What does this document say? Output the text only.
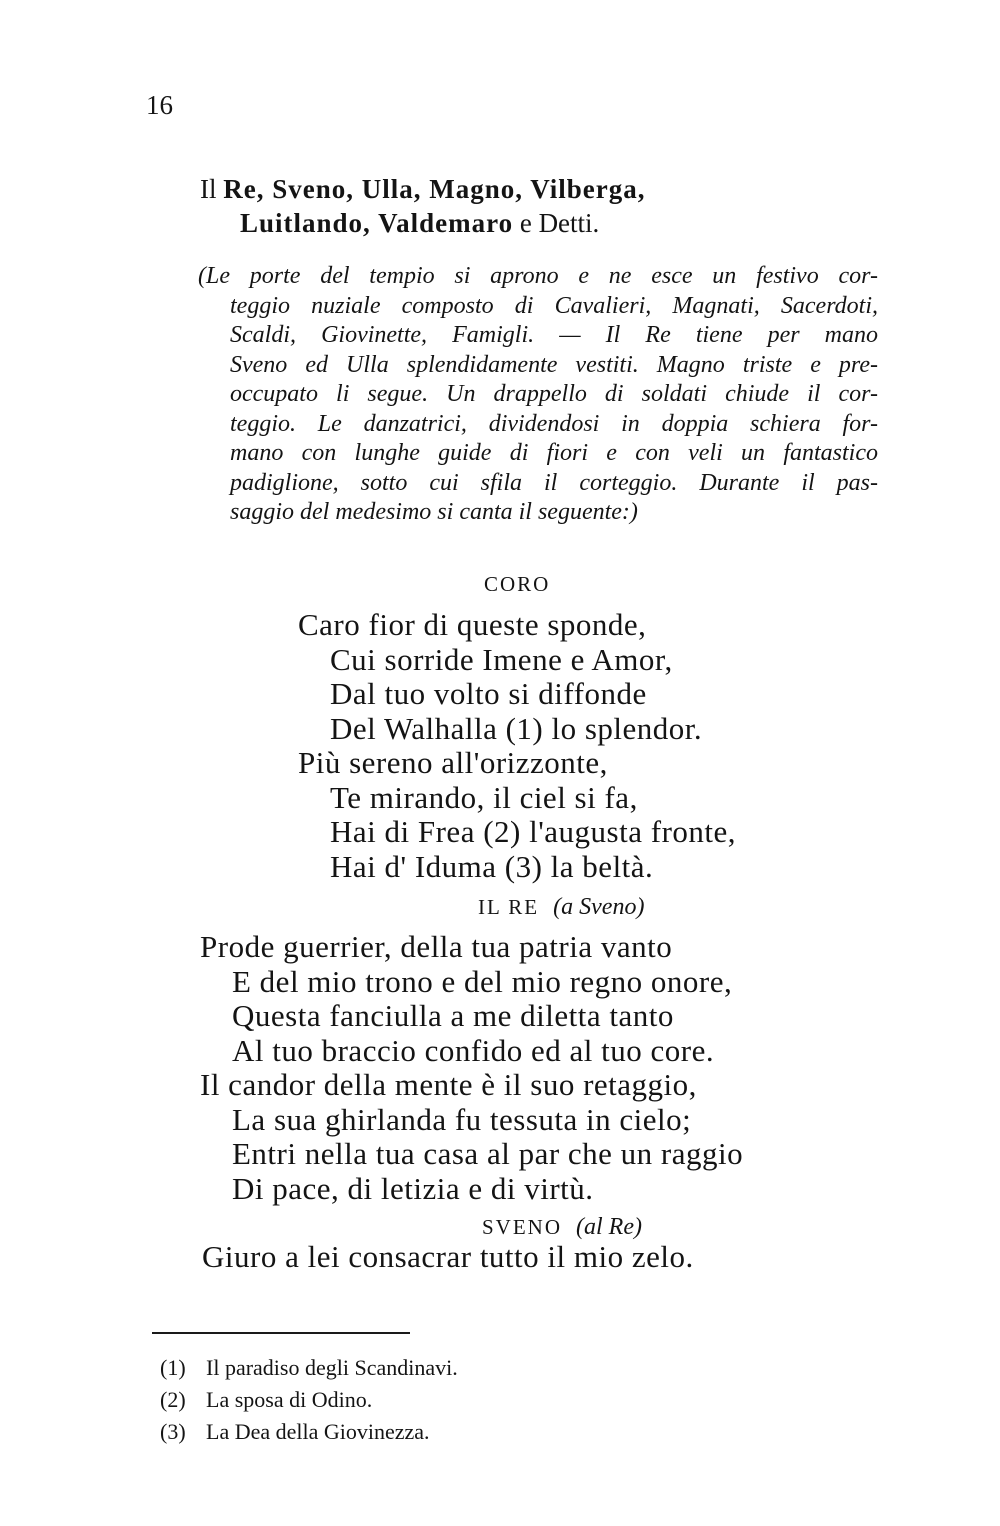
16
Il Re, Sveno, Ulla, Magno, Vilberga,
Luitlando, Valdemaro e Detti.
(Le porte del tempio si aprono e ne esce un festivo cor-
teggio nuziale composto di Cavalieri, Magnati, Sacerdoti,
Scaldi, Giovinette, Famigli. — Il Re tiene per mano
Sveno ed Ulla splendidamente vestiti. Magno triste e pre-
occupato li segue. Un drappello di soldati chiude il cor-
teggio. Le danzatrici, dividendosi in doppia schiera for-
mano con lunghe guide di fiori e con veli un fantastico
padiglione, sotto cui sfila il corteggio. Durante il pas-
saggio del medesimo si canta il seguente:)
CORO
Caro fior di queste sponde,
Cui sorride Imene e Amor,
Dal tuo volto si diffonde
Del Walhalla (1) lo splendor.
Più sereno all'orizzonte,
Te mirando, il ciel si fa,
Hai di Frea (2) l'augusta fronte,
Hai d' Iduma (3) la beltà.
IL RE (a Sveno)
Prode guerrier, della tua patria vanto
E del mio trono e del mio regno onore,
Questa fanciulla a me diletta tanto
Al tuo braccio confido ed al tuo core.
Il candor della mente è il suo retaggio,
La sua ghirlanda fu tessuta in cielo;
Entri nella tua casa al par che un raggio
Di pace, di letizia e di virtù.
SVENO (al Re)
Giuro a lei consacrar tutto il mio zelo.
(1) Il paradiso degli Scandinavi.
(2) La sposa di Odino.
(3) La Dea della Giovinezza.
